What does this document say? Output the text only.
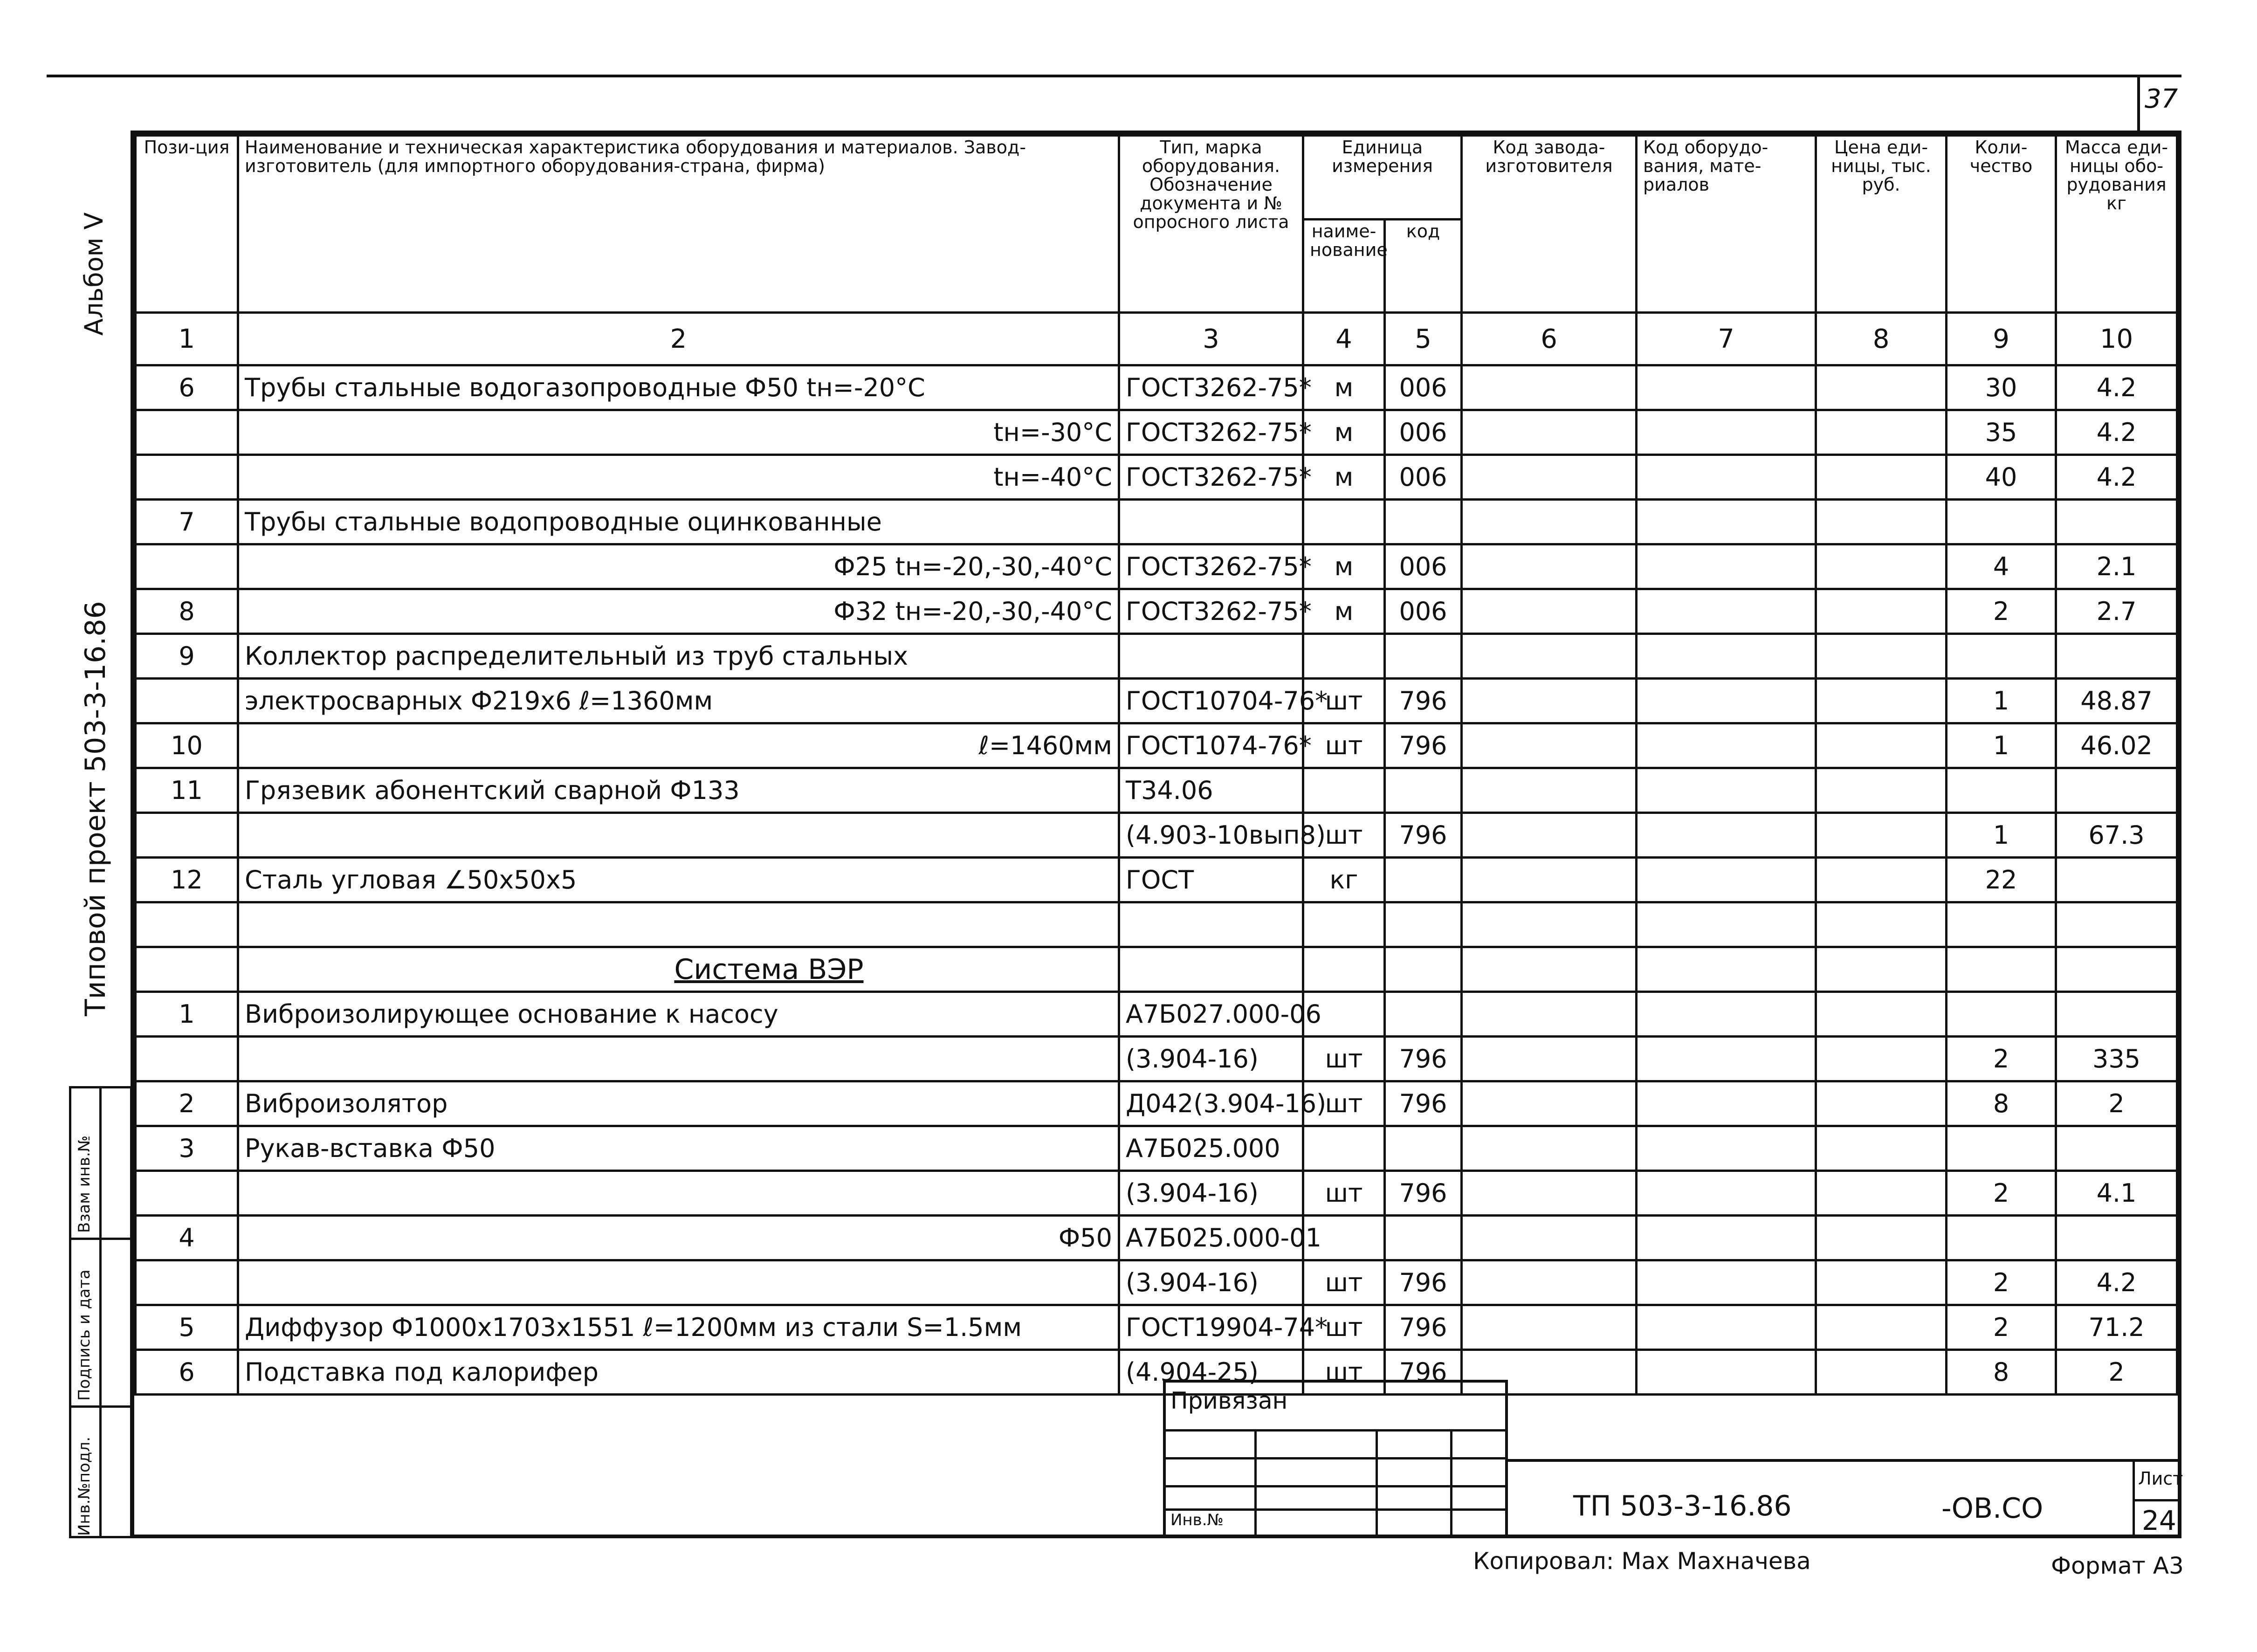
37
Альбом V
Типовой проект 503-3-16.86
Инв.№подл.
Подпись и дата
Взам инв.№
Пози-ция	Наименование и техническая характеристика оборудования и материалов. Завод-изготовитель (для импортного оборудования-страна, фирма)	Тип, марка оборудования. Обозначение документа и № опросного листа	Единица измерения		Код завода-изготовителя	Код оборудо-вания, мате-риалов	Цена еди-ницы, тыс. руб.	Коли-чество	Масса еди-ницы обо-рудования кг
			наиме-нование	код					
1	2	3	4	5	6	7	8	9	10
6	Трубы стальные водогазопроводные Ф50 tн=-20°С	ГОСТ3262-75*	м	006				30	4.2
	tн=-30°С	ГОСТ3262-75*	м	006				35	4.2
	tн=-40°С	ГОСТ3262-75*	м	006				40	4.2
7	Трубы стальные водопроводные оцинкованные								
	Ф25 tн=-20,-30,-40°С	ГОСТ3262-75*	м	006				4	2.1
8	Ф32 tн=-20,-30,-40°С	ГОСТ3262-75*	м	006				2	2.7
9	Коллектор распределительный из труб стальных								
	электросварных Ф219х6 ℓ=1360мм	ГОСТ10704-76*	шт	796				1	48.87
10	ℓ=1460мм	ГОСТ1074-76*	шт	796				1	46.02
11	Грязевик абонентский сварной Ф133	Т34.06							
		(4.903-10вып8)	шт	796				1	67.3
12	Сталь угловая ∠50х50х5	ГОСТ	кг					22	

	Система ВЭР								
1	Виброизолирующее основание к насосу	А7Б027.000-06							
		(3.904-16)	шт	796				2	335
2	Виброизолятор	Д042(3.904-16)	шт	796				8	2
3	Рукав-вставка Ф50	А7Б025.000							
		(3.904-16)	шт	796				2	4.1
4	Ф50	А7Б025.000-01							
		(3.904-16)	шт	796				2	4.2
5	Диффузор Ф1000х1703х1551 ℓ=1200мм из стали S=1.5мм	ГОСТ19904-74*	шт	796				2	71.2
6	Подставка под калорифер	(4.904-25)	шт	796				8	2
Привязан
Инв.№	ТП 503-3-16.86	-ОВ.СО
Лист
24
Копировал: Мах Махначева	Формат А3
